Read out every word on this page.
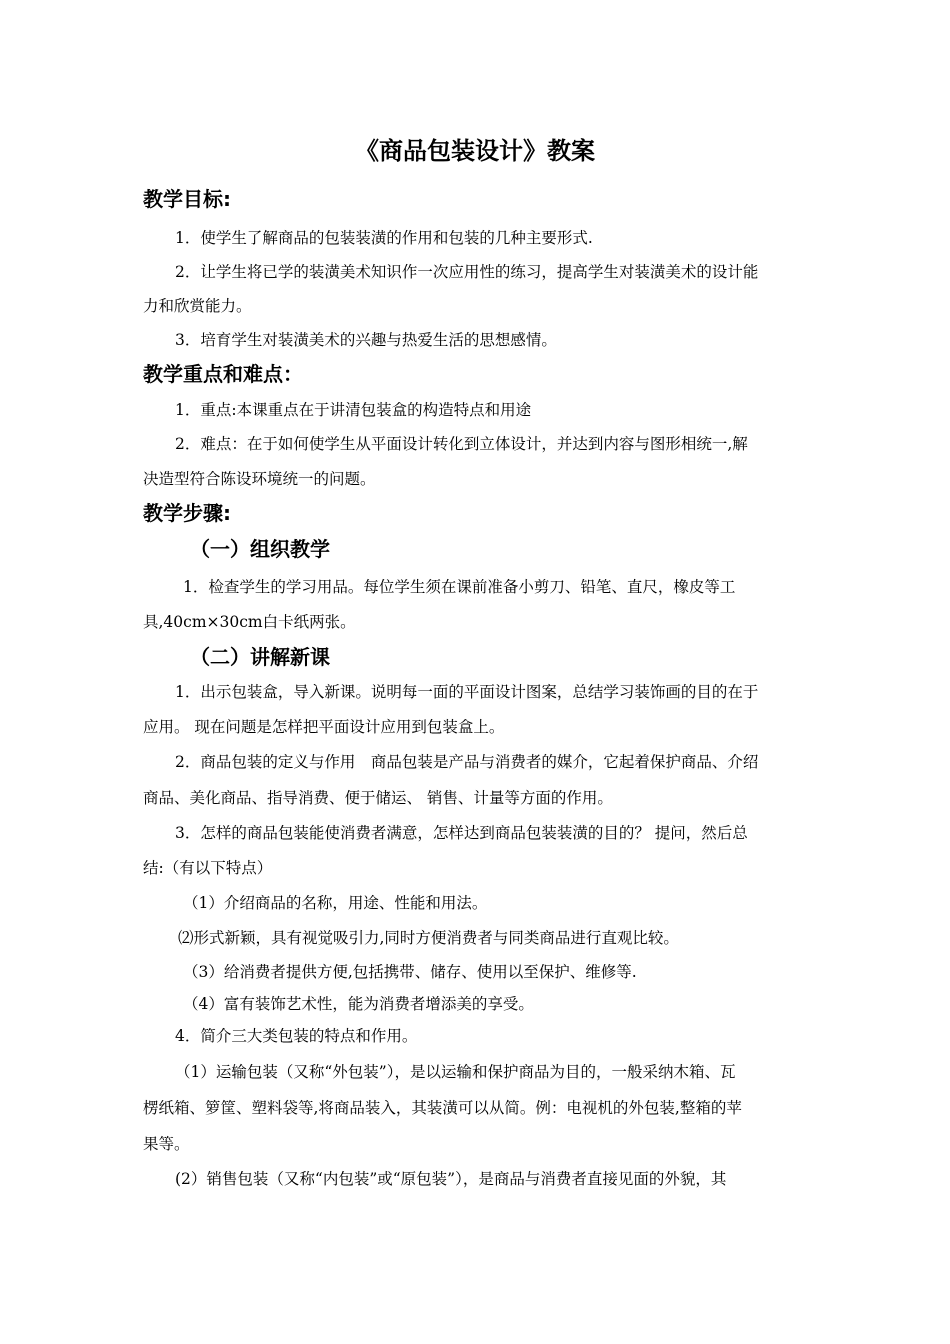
《商品包装设计》教案
教学目标:
1．使学生了解商品的包装装潢的作用和包装的几种主要形式.
2．让学生将已学的装潢美术知识作一次应用性的练习，提高学生对装潢美术的设计能
力和欣赏能力。
3．培育学生对装潢美术的兴趣与热爱生活的思想感情。
教学重点和难点：
1．重点:本课重点在于讲清包装盒的构造特点和用途
2．难点：在于如何使学生从平面设计转化到立体设计，并达到内容与图形相统一,解
决造型符合陈设环境统一的问题。
教学步骤:
（一）组织教学
1．检查学生的学习用品。每位学生须在课前准备小剪刀、铅笔、直尺，橡皮等工
具,40cm×30cm白卡纸两张。
（二）讲解新课
1．出示包装盒，导入新课。说明每一面的平面设计图案，总结学习装饰画的目的在于
应用。 现在问题是怎样把平面设计应用到包装盒上。
2．商品包装的定义与作用　商品包装是产品与消费者的媒介，它起着保护商品、介绍
商品、美化商品、指导消费、便于储运、 销售、计量等方面的作用。
3．怎样的商品包装能使消费者满意，怎样达到商品包装装潢的目的？ 提问，然后总
结:（有以下特点）
（1）介绍商品的名称，用途、性能和用法。
⑵形式新颖，具有视觉吸引力,同时方便消费者与同类商品进行直观比较。
（3）给消费者提供方便,包括携带、储存、使用以至保护、维修等.
（4）富有装饰艺术性，能为消费者增添美的享受。
4．简介三大类包装的特点和作用。
（1）运输包装（又称“外包装”），是以运输和保护商品为目的，一般采纳木箱、瓦
楞纸箱、箩筐、塑料袋等,将商品装入，其装潢可以从简。例：电视机的外包装,整箱的苹
果等。
(2）销售包装（又称“内包装”或“原包装”），是商品与消费者直接见面的外貌，其
